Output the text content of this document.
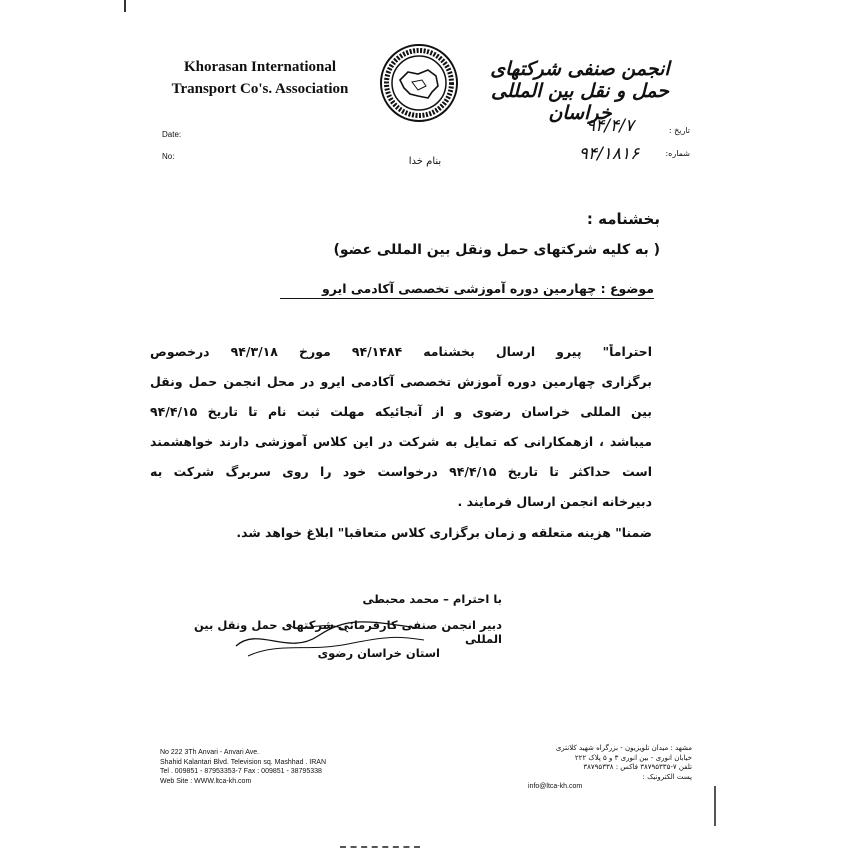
Khorasan International Transport Co's. Association
انجمن صنفی شرکتهای حمل و نقل بین المللی خراسان
Date:
No:
تاریخ :
شماره:
۹۴/۴/۷
۹۴/۱۸۱۶
بنام خدا
بخشنامه :
( به کلیه شرکتهای حمل ونقل بین المللی عضو)
موضوع : چهارمین دوره آموزشی تخصصی آکادمی ایرو
احتراماً" پیرو ارسال بخشنامه ۹۴/۱۴۸۴ مورخ ۹۴/۳/۱۸ درخصوص
برگزاری چهارمین دوره آموزش تخصصی آکادمی ایرو در محل انجمن حمل ونقل
بین المللی خراسان رضوی و از آنجائیکه مهلت ثبت نام تا تاریخ ۹۴/۴/۱۵
میباشد ، ازهمکارانی که تمایل به شرکت در این کلاس آموزشی دارند خواهشمند
است حداکثر تا تاریخ ۹۴/۴/۱۵ درخواست خود را روی سربرگ شرکت به
دبیرخانه انجمن ارسال فرمایند .
ضمنا" هزینه متعلقه و زمان برگزاری کلاس متعاقبا" ابلاغ خواهد شد.
با احترام – محمد محبطی
دبیر انجمن صنفی کارفرمائی شرکتهای حمل ونقل بین المللی
استان خراسان رضوی
No 222 3Th Anvari - Anvari Ave.
Shahid Kalantari Blvd. Television sq. Mashhad . IRAN
Tel . 009851 - 87953353-7 Fax : 009851 - 38795338
Web Site : WWW.ltca-kh.com
مشهد : میدان تلویزیون - بزرگراه شهید کلانتری
خیابان انوری - بین انوری ۳ و ۵ پلاک ۲۲۲
تلفن ۷-۳۸۷۹۵۳۳۵ فاکس : ۳۸۷۹۵۳۳۸
پست الکترونیک :
info@ltca-kh.com
